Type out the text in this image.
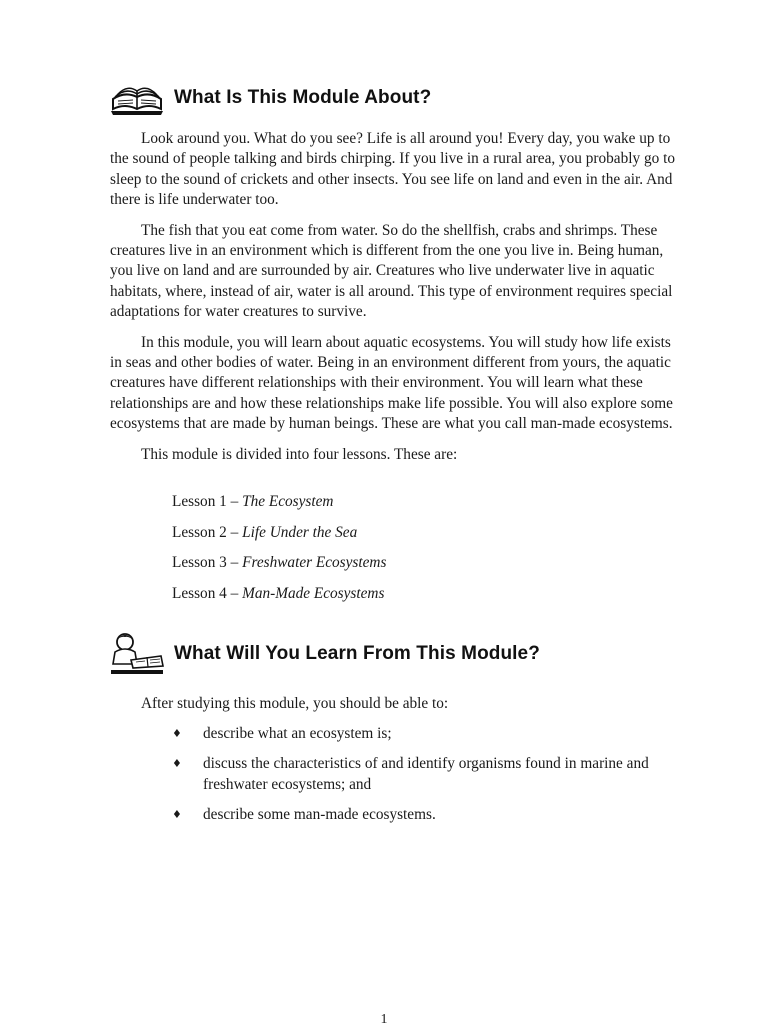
What Is This Module About?

Look around you. What do you see? Life is all around you! Every day, you wake up to the sound of people talking and birds chirping. If you live in a rural area, you probably go to sleep to the sound of crickets and other insects. You see life on land and even in the air. And there is life underwater too.

The fish that you eat come from water. So do the shellfish, crabs and shrimps. These creatures live in an environment which is different from the one you live in. Being human, you live on land and are surrounded by air. Creatures who live underwater live in aquatic habitats, where, instead of air, water is all around. This type of environment requires special adaptations for water creatures to survive.

In this module, you will learn about aquatic ecosystems. You will study how life exists in seas and other bodies of water. Being in an environment different from yours, the aquatic creatures have different relationships with their environment. You will learn what these relationships are and how these relationships make life possible. You will also explore some ecosystems that are made by human beings. These are what you call man-made ecosystems.

This module is divided into four lessons. These are:

Lesson 1 – The Ecosystem
Lesson 2 – Life Under the Sea
Lesson 3 – Freshwater Ecosystems
Lesson 4 – Man-Made Ecosystems
What Will You Learn From This Module?
After studying this module, you should be able to:
♦ describe what an ecosystem is;
♦ discuss the characteristics of and identify organisms found in marine and freshwater ecosystems; and
♦ describe some man-made ecosystems.
1
